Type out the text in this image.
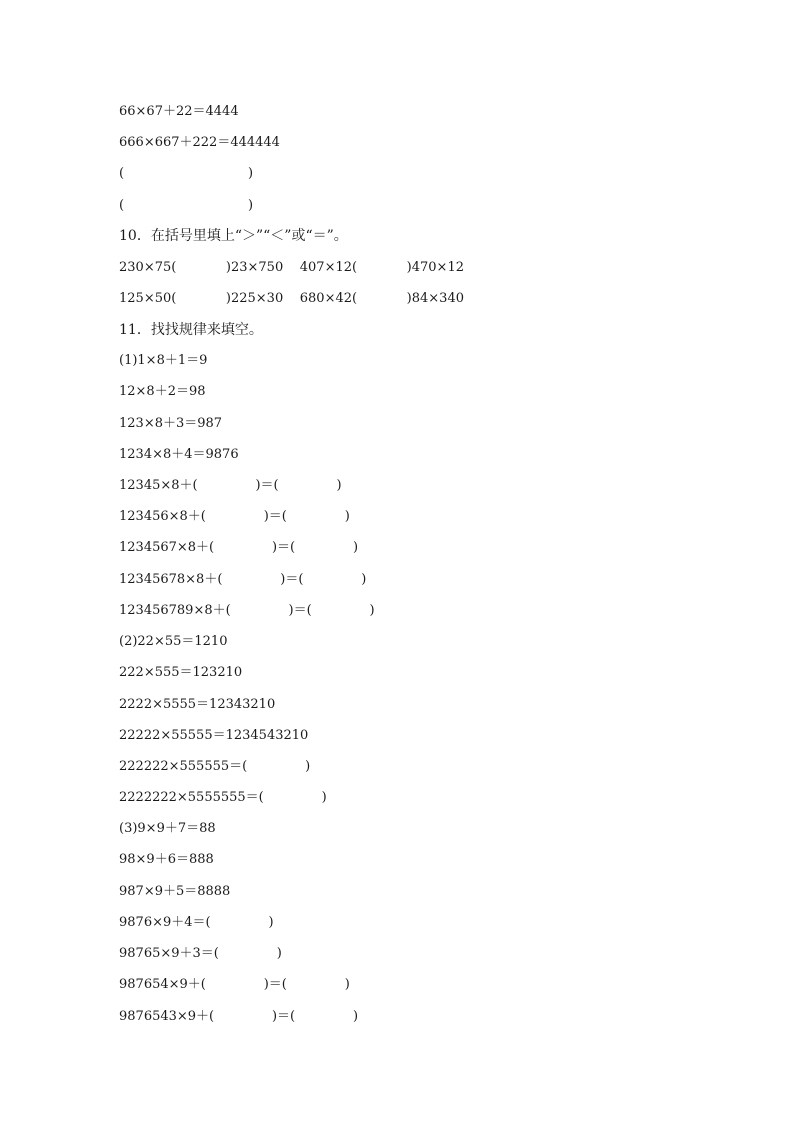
66×67＋22＝4444
666×667＋222＝444444
(                              )
(                              )
10．在括号里填上“＞”“＜”或“＝”。
230×75(            )23×750    407×12(            )470×12
125×50(            )225×30    680×42(            )84×340
11．找找规律来填空。
(1)1×8＋1＝9
12×8＋2＝98
123×8＋3＝987
1234×8＋4＝9876
12345×8＋(              )＝(              )
123456×8＋(              )＝(              )
1234567×8＋(              )＝(              )
12345678×8＋(              )＝(              )
123456789×8＋(              )＝(              )
(2)22×55＝1210
222×555＝123210
2222×5555＝12343210
22222×55555＝1234543210
222222×555555＝(              )
2222222×5555555＝(              )
(3)9×9＋7＝88
98×9＋6＝888
987×9＋5＝8888
9876×9＋4＝(              )
98765×9＋3＝(              )
987654×9＋(              )＝(              )
9876543×9＋(              )＝(              )
